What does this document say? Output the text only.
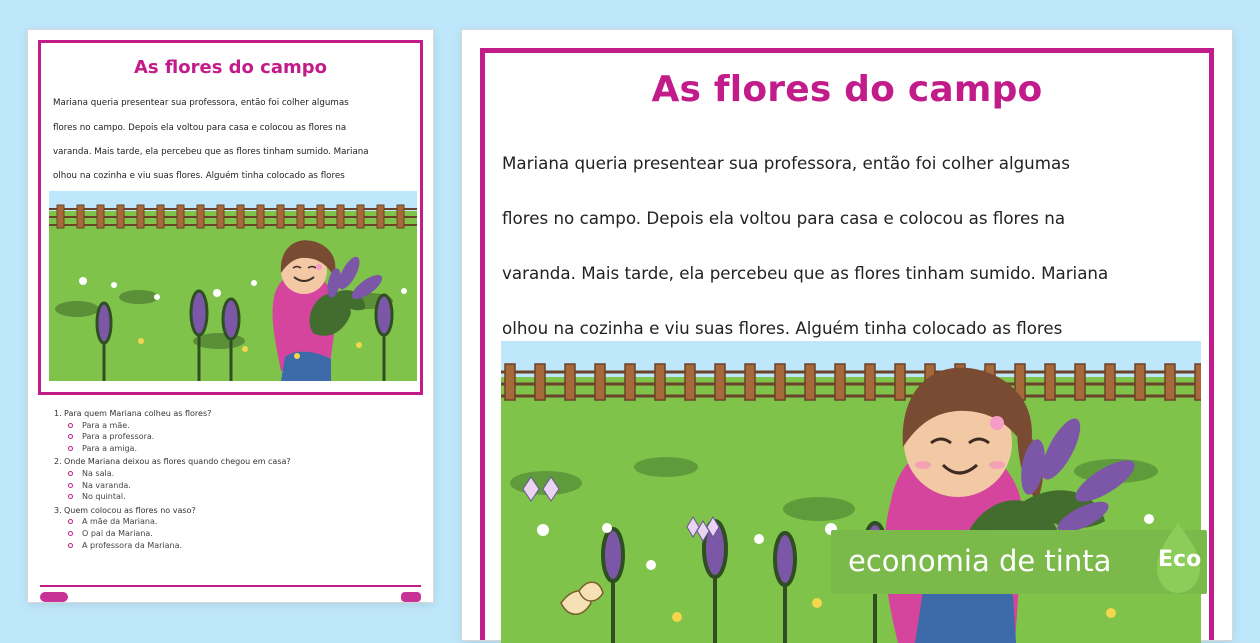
As flores do campo

Mariana queria presentear sua professora, então foi colher algumas

flores no campo. Depois ela voltou para casa e colocou as flores na

varanda. Mais tarde, ela percebeu que as flores tinham sumido. Mariana

olhou na cozinha e viu suas flores. Alguém tinha colocado as flores

1. Para quem Mariana colheu as flores?
Para a mãe.
Para a professora.
Para a amiga.
2. Onde Mariana deixou as flores quando chegou em casa?
Na sala.
Na varanda.
No quintal.
3. Quem colocou as flores no vaso?
A mãe da Mariana.
O pai da Mariana.
A professora da Mariana.
As flores do campo

Mariana queria presentear sua professora, então foi colher algumas

flores no campo. Depois ela voltou para casa e colocou as flores na

varanda. Mais tarde, ela percebeu que as flores tinham sumido. Mariana

olhou na cozinha e viu suas flores. Alguém tinha colocado as flores

economia de tinta Eco
